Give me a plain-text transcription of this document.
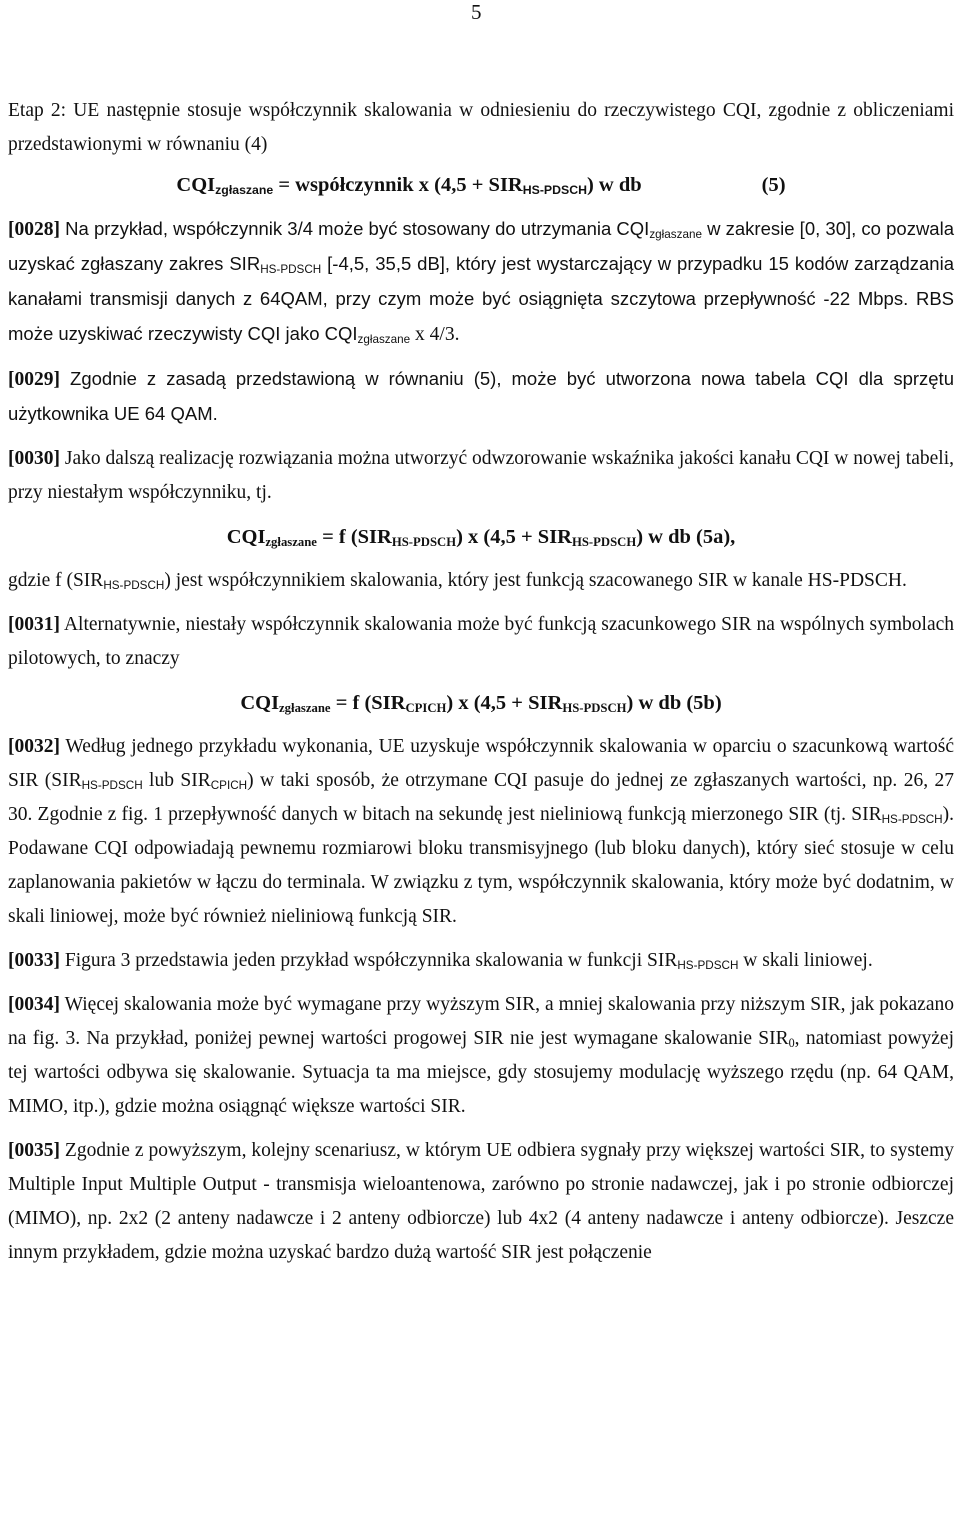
5

Etap 2: UE następnie stosuje współczynnik skalowania w odniesieniu do rzeczywistego CQI, zgodnie z obliczeniami przedstawionymi w równaniu (4)

$CQI_{zgłaszane}$ = współczynnik x $(4,5 + SIR_{HS-PDSCH})$ w db	(5)

[0028] Na przykład, współczynnik 3/4 może być stosowany do utrzymania $CQI_{zgłaszane}$ w zakresie [0, 30], co pozwala uzyskać zgłaszany zakres $SIR_{HS-PDSCH}$ [-4,5, 35,5 dB], który jest wystarczający w przypadku 15 kodów zarządzania kanałami transmisji danych z 64QAM, przy czym może być osiągnięta szczytowa przepływność -22 Mbps. RBS może uzyskiwać rzeczywisty CQI jako $CQI_{zgłaszane}$ x 4/3.

[0029] Zgodnie z zasadą przedstawioną w równaniu (5), może być utworzona nowa tabela CQI dla sprzętu użytkownika UE 64 QAM.

[0030] Jako dalszą realizację rozwiązania można utworzyć odwzorowanie wskaźnika jakości kanału CQI w nowej tabeli, przy niestałym współczynniku, tj.

$CQI_{zgłaszane} = f$ $(SIR_{HS-PDSCH})$ x $(4,5 + SIR_{HS-PDSCH})$ w db (5a),

gdzie f $(SIR_{HS-PDSCH})$ jest współczynnikiem skalowania, który jest funkcją szacowanego SIR w kanale HS-PDSCH.

[0031] Alternatywnie, niestały współczynnik skalowania może być funkcją szacunkowego SIR na wspólnych symbolach pilotowych, to znaczy

$CQI_{zgłaszane} = f$ $(SIR_{CPICH})$ x $(4,5 + SIR_{HS-PDSCH})$ w db (5b)

[0032] Według jednego przykładu wykonania, UE uzyskuje współczynnik skalowania w oparciu o szacunkową wartość SIR ($SIR_{HS-PDSCH}$ lub $SIR_{CPICH}$) w taki sposób, że otrzymane CQI pasuje do jednej ze zgłaszanych wartości, np. 26, 27 30. Zgodnie z fig. 1 przepływność danych w bitach na sekundę jest nieliniową funkcją mierzonego SIR (tj. $SIR_{HS-PDSCH}$). Podawane CQI odpowiadają pewnemu rozmiarowi bloku transmisyjnego (lub bloku danych), który sieć stosuje w celu zaplanowania pakietów w łączu do terminala. W związku z tym, współczynnik skalowania, który może być dodatnim, w skali liniowej, może być również nieliniową funkcją SIR.

[0033] Figura 3 przedstawia jeden przykład współczynnika skalowania w funkcji $SIR_{HS-PDSCH}$ w skali liniowej.

[0034] Więcej skalowania może być wymagane przy wyższym SIR, a mniej skalowania przy niższym SIR, jak pokazano na fig. 3. Na przykład, poniżej pewnej wartości progowej SIR nie jest wymagane skalowanie $SIR_0$, natomiast powyżej tej wartości odbywa się skalowanie. Sytuacja ta ma miejsce, gdy stosujemy modulację wyższego rzędu (np. 64 QAM, MIMO, itp.), gdzie można osiągnąć większe wartości SIR.

[0035] Zgodnie z powyższym, kolejny scenariusz, w którym UE odbiera sygnały przy większej wartości SIR, to systemy Multiple Input Multiple Output - transmisja wieloantenowa, zarówno po stronie nadawczej, jak i po stronie odbiorczej (MIMO), np. 2x2 (2 anteny nadawcze i 2 anteny odbiorcze) lub 4x2 (4 anteny nadawcze i anteny odbiorcze). Jeszcze innym przykładem, gdzie można uzyskać bardzo dużą wartość SIR jest połączenie
